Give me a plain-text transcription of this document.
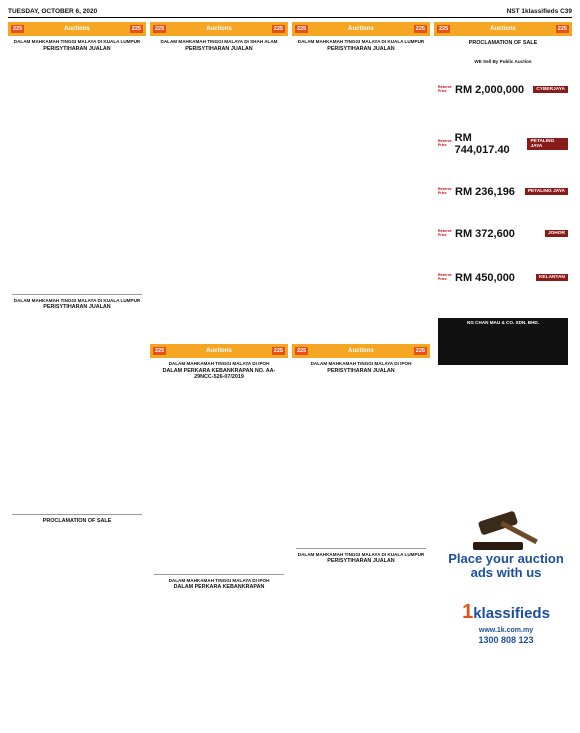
TUESDAY, OCTOBER 6, 2020	NST 1klassifieds C39
225	Auctions	225
DALAM MAHKAMAH TINGGI MALAYA DI KUALA LUMPUR
PERISYTIHARAN JUALAN
DALAM MAHKAMAH TINGGI MALAYA DI KUALA LUMPUR
PERISYTIHARAN JUALAN
PROCLAMATION OF SALE
225	Auctions	225
DALAM MAHKAMAH TINGGI MALAYA DI SHAH ALAM
PERISYTIHARAN JUALAN
225	Auctions	225
DALAM MAHKAMAH TINGGI MALAYA DI KUALA LUMPUR
PERISYTIHARAN JUALAN
225	Auctions	225
PROCLAMATION OF SALE
WE Sell By Public Auction
Reserve Price RM 2,000,000	CYBERJAYA
Reserve Price
RM 744,017.40
PETALING JAYA
Reserve Price RM 236,196	PETALING JAYA
Reserve Price RM 372,600	JOHOR
Reserve Price RM 450,000	KELANTAN
NG CHAN MAU & CO. SDN. BHD.
225	Auctions	225
DALAM MAHKAMAH TINGGI MALAYA DI IPOH
DALAM PERKARA KEBANKRAPAN NO. AA-29NCC-526-07/2019
DALAM MAHKAMAH TINGGI MALAYA DI IPOH
DALAM PERKARA KEBANKRAPAN
225	Auctions	225
DALAM MAHKAMAH TINGGI MALAYA DI IPOH
PERISYTIHARAN JUALAN
DALAM MAHKAMAH TINGGI MALAYA DI KUALA LUMPUR
PERISYTIHARAN JUALAN	Place your auction ads with us
1klassifieds
www.1k.com.my
1300 808 123
